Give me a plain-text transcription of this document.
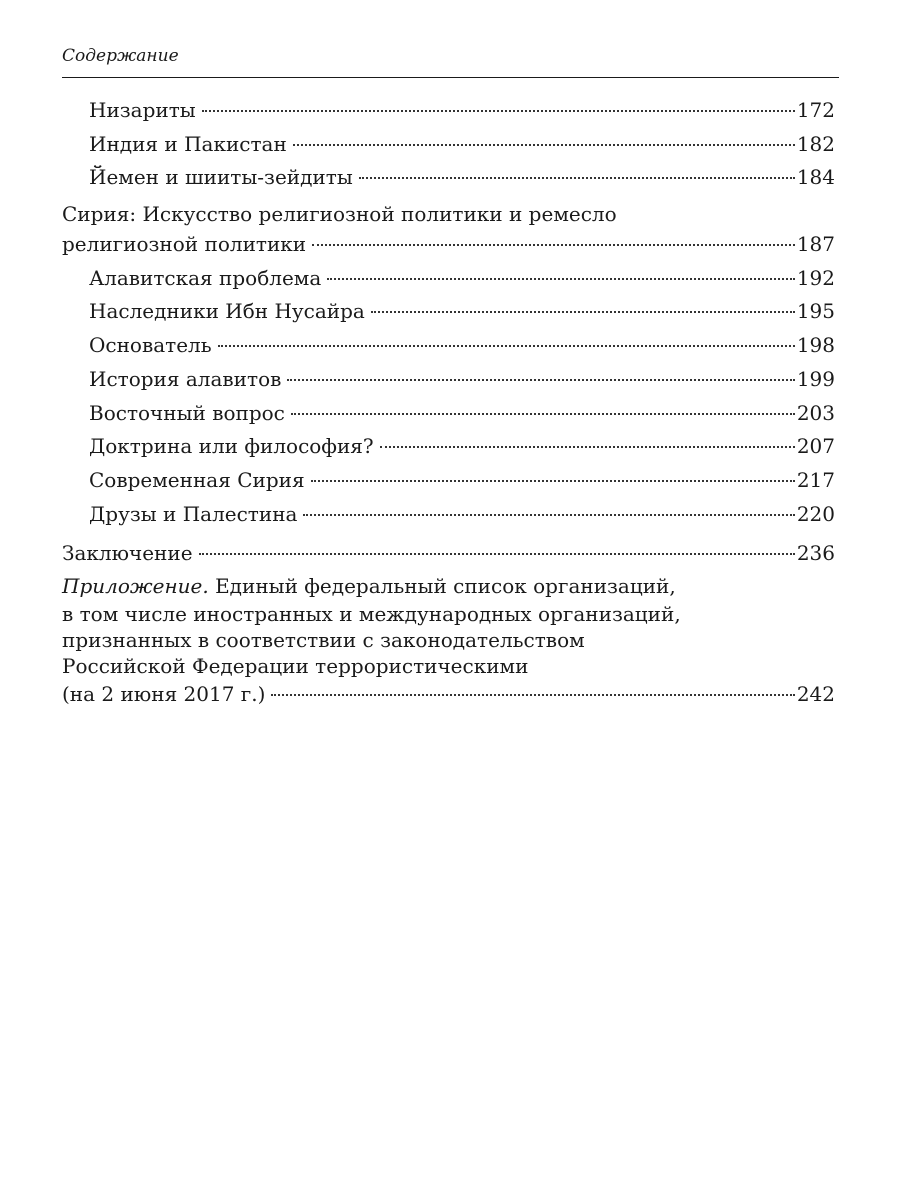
Содержание
Низариты	172
Индия и Пакистан	182
Йемен и шииты-зейдиты	184
Сирия: Искусство религиозной политики и ремесло
религиозной политики	187
Алавитская проблема	192
Наследники Ибн Нусайра	195
Основатель	198
История алавитов	199
Восточный вопрос	203
Доктрина или философия?	207
Современная Сирия	217
Друзы и Палестина	220
Заключение	236
Приложение. Единый федеральный список организаций,
в том числе иностранных и международных организаций,
признанных в соответствии с законодательством
Российской Федерации террористическими
(на 2 июня 2017 г.)	242
